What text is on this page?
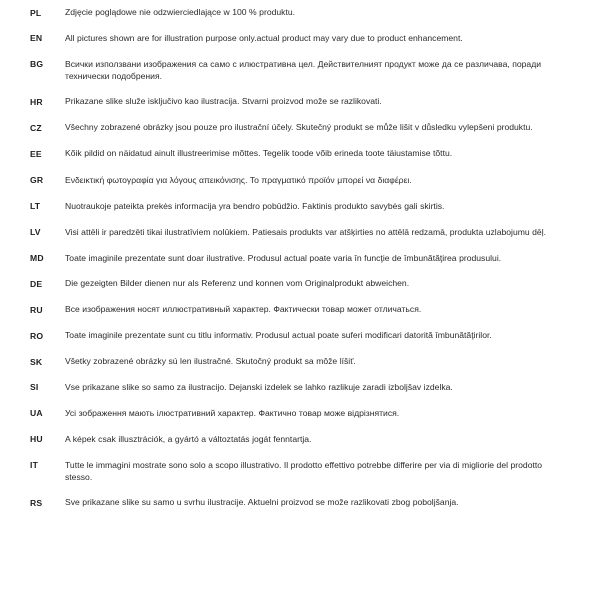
PL	Zdjęcie poglądowe nie odzwierciedlające w 100 % produktu.
EN	All pictures shown are for illustration purpose only.actual product may vary due to product enhancement.
BG	Всички използвани изображения са само с илюстративна цел. Действителният продукт може да се различава, поради технически подобрения.
HR	Prikazane slike služe isključivo kao ilustracija. Stvarni proizvod može se razlikovati.
CZ	Všechny zobrazené obrázky jsou pouze pro ilustrační účely. Skutečný produkt se může lišit v důsledku vylepšeni produktu.
EE	Kõik pildid on näidatud ainult illustreerimise mõttes. Tegelik toode võib erineda toote täiustamise tõttu.
GR	Ενδεικτική φωτογραφία για λόγους απεικόνισης. Το πραγματικό προϊόν μπορεί να διαφέρει.
LT	Nuotraukoje pateikta prekės informacija yra bendro pobūdžio. Faktinis produkto savybės gali skirtis.
LV	Visi attēli ir paredzēti tikai ilustratīviem nolūkiem. Patiesais produkts var atšķirties no attēlā redzamā, produkta uzlabojumu dēļ.
MD	Toate imaginile prezentate sunt doar ilustrative. Produsul actual poate varia în funcţie de îmbunătăţirea produsului.
DE	Die gezeigten Bilder dienen nur als Referenz und konnen vom Originalprodukt abweichen.
RU	Все изображения носят иллюстративный характер. Фактически товар может отличаться.
RO	Toate imaginile prezentate sunt cu titlu informativ. Produsul actual poate suferi modificari datorită îmbunătăţirilor.
SK	Všetky zobrazené obrázky sú len ilustračné. Skutočný produkt sa môže líšiť.
SI	Vse prikazane slike so samo za ilustracijo. Dejanski izdelek se lahko razlikuje zaradi izboljšav izdelka.
UA	Усі зображення мають ілюстративний характер. Фактично товар може відрізнятися.
HU	A képek csak illusztrációk, a gyártó a változtatás jogát fenntartja.
IT	Tutte le immagini mostrate sono solo a scopo illustrativo. Il prodotto effettivo potrebbe differire per via di migliorie del prodotto stesso.
RS	Sve prikazane slike su samo u svrhu ilustracije. Aktuelni proizvod se može razlikovati zbog poboljšanja.
